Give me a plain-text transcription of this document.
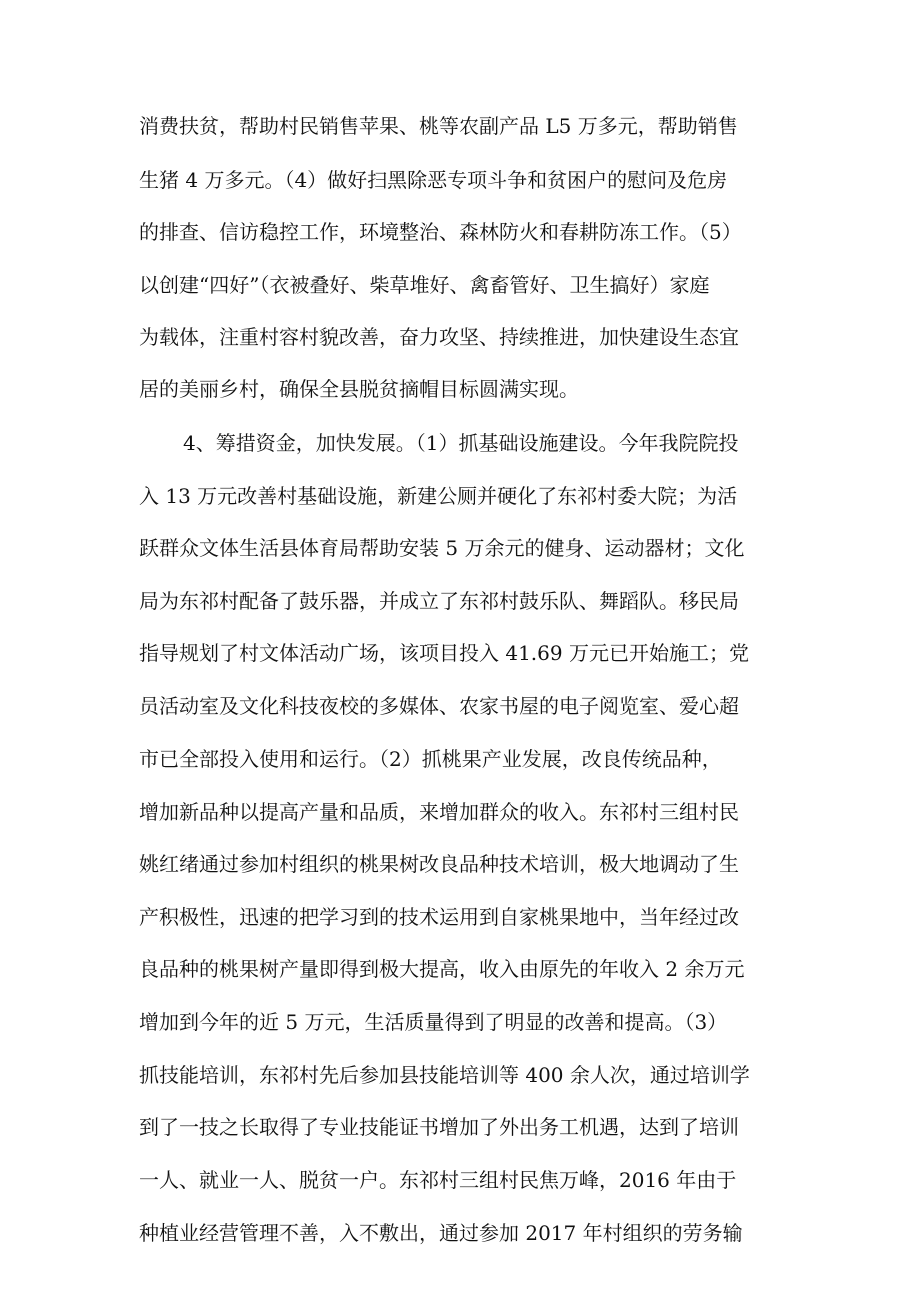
消费扶贫，帮助村民销售苹果、桃等农副产品 L5 万多元，帮助销售
生猪 4 万多元。（4）做好扫黑除恶专项斗争和贫困户的慰问及危房
的排查、信访稳控工作，环境整治、森林防火和春耕防冻工作。（5）
以创建“四好”（衣被叠好、柴草堆好、禽畜管好、卫生搞好）家庭
为载体，注重村容村貌改善，奋力攻坚、持续推进，加快建设生态宜
居的美丽乡村，确保全县脱贫摘帽目标圆满实现。
4、筹措资金，加快发展。（1）抓基础设施建设。今年我院院投
入 13 万元改善村基础设施，新建公厕并硬化了东祁村委大院；为活
跃群众文体生活县体育局帮助安装 5 万余元的健身、运动器材；文化
局为东祁村配备了鼓乐器，并成立了东祁村鼓乐队、舞蹈队。移民局
指导规划了村文体活动广场，该项目投入 41.69 万元已开始施工；党
员活动室及文化科技夜校的多媒体、农家书屋的电子阅览室、爱心超
市已全部投入使用和运行。（2）抓桃果产业发展，改良传统品种，
增加新品种以提高产量和品质，来增加群众的收入。东祁村三组村民
姚红绪通过参加村组织的桃果树改良品种技术培训，极大地调动了生
产积极性，迅速的把学习到的技术运用到自家桃果地中，当年经过改
良品种的桃果树产量即得到极大提高，收入由原先的年收入 2 余万元
增加到今年的近 5 万元，生活质量得到了明显的改善和提高。（3）
抓技能培训，东祁村先后参加县技能培训等 400 余人次，通过培训学
到了一技之长取得了专业技能证书增加了外出务工机遇，达到了培训
一人、就业一人、脱贫一户。东祁村三组村民焦万峰，2016 年由于
种植业经营管理不善，入不敷出，通过参加 2017 年村组织的劳务输
